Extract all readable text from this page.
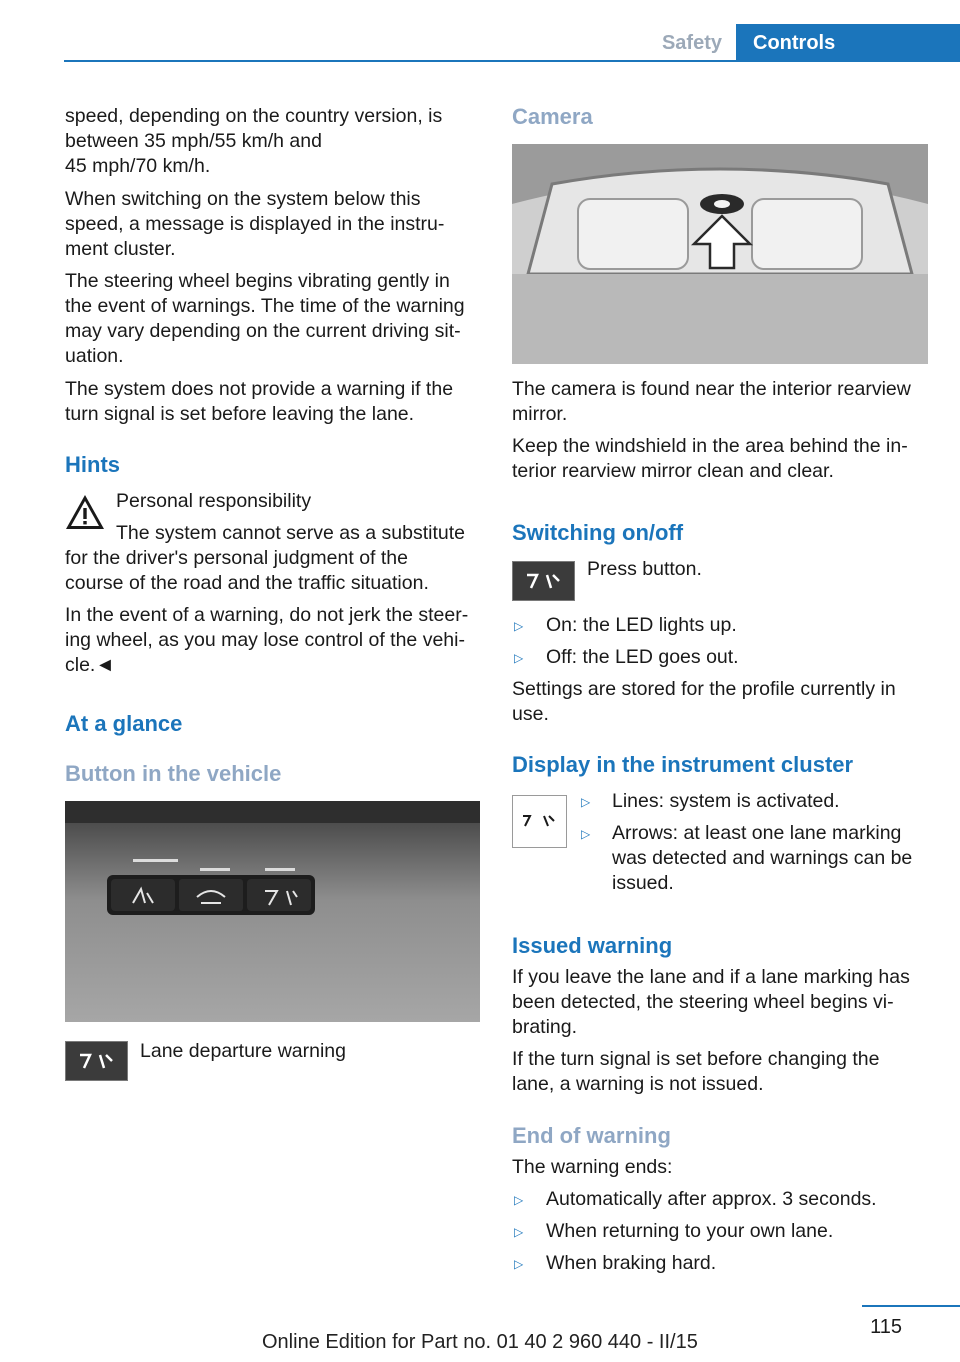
Safety	Controls
speed, depending on the country version, is
between 35 mph/55 km/h and
45 mph/70 km/h.
When switching on the system below this
speed, a message is displayed in the instru-
ment cluster.
The steering wheel begins vibrating gently in
the event of warnings. The time of the warning
may vary depending on the current driving sit-
uation.
The system does not provide a warning if the
turn signal is set before leaving the lane.
Hints
Personal responsibility
The system cannot serve as a substitute
for the driver's personal judgment of the
course of the road and the traffic situation.
In the event of a warning, do not jerk the steer-
ing wheel, as you may lose control of the vehi-
cle.◄
At a glance
Button in the vehicle
Lane departure warning
Camera
The camera is found near the interior rearview
mirror.
Keep the windshield in the area behind the in-
terior rearview mirror clean and clear.
Switching on/off
Press button.
▷ On: the LED lights up.
▷ Off: the LED goes out.
Settings are stored for the profile currently in
use.
Display in the instrument cluster
▷ Lines: system is activated.
▷ Arrows: at least one lane marking
was detected and warnings can be
issued.
Issued warning
If you leave the lane and if a lane marking has
been detected, the steering wheel begins vi-
brating.
If the turn signal is set before changing the
lane, a warning is not issued.
End of warning
The warning ends:
▷ Automatically after approx. 3 seconds.
▷ When returning to your own lane.
▷ When braking hard.
115
Online Edition for Part no. 01 40 2 960 440 - II/15
